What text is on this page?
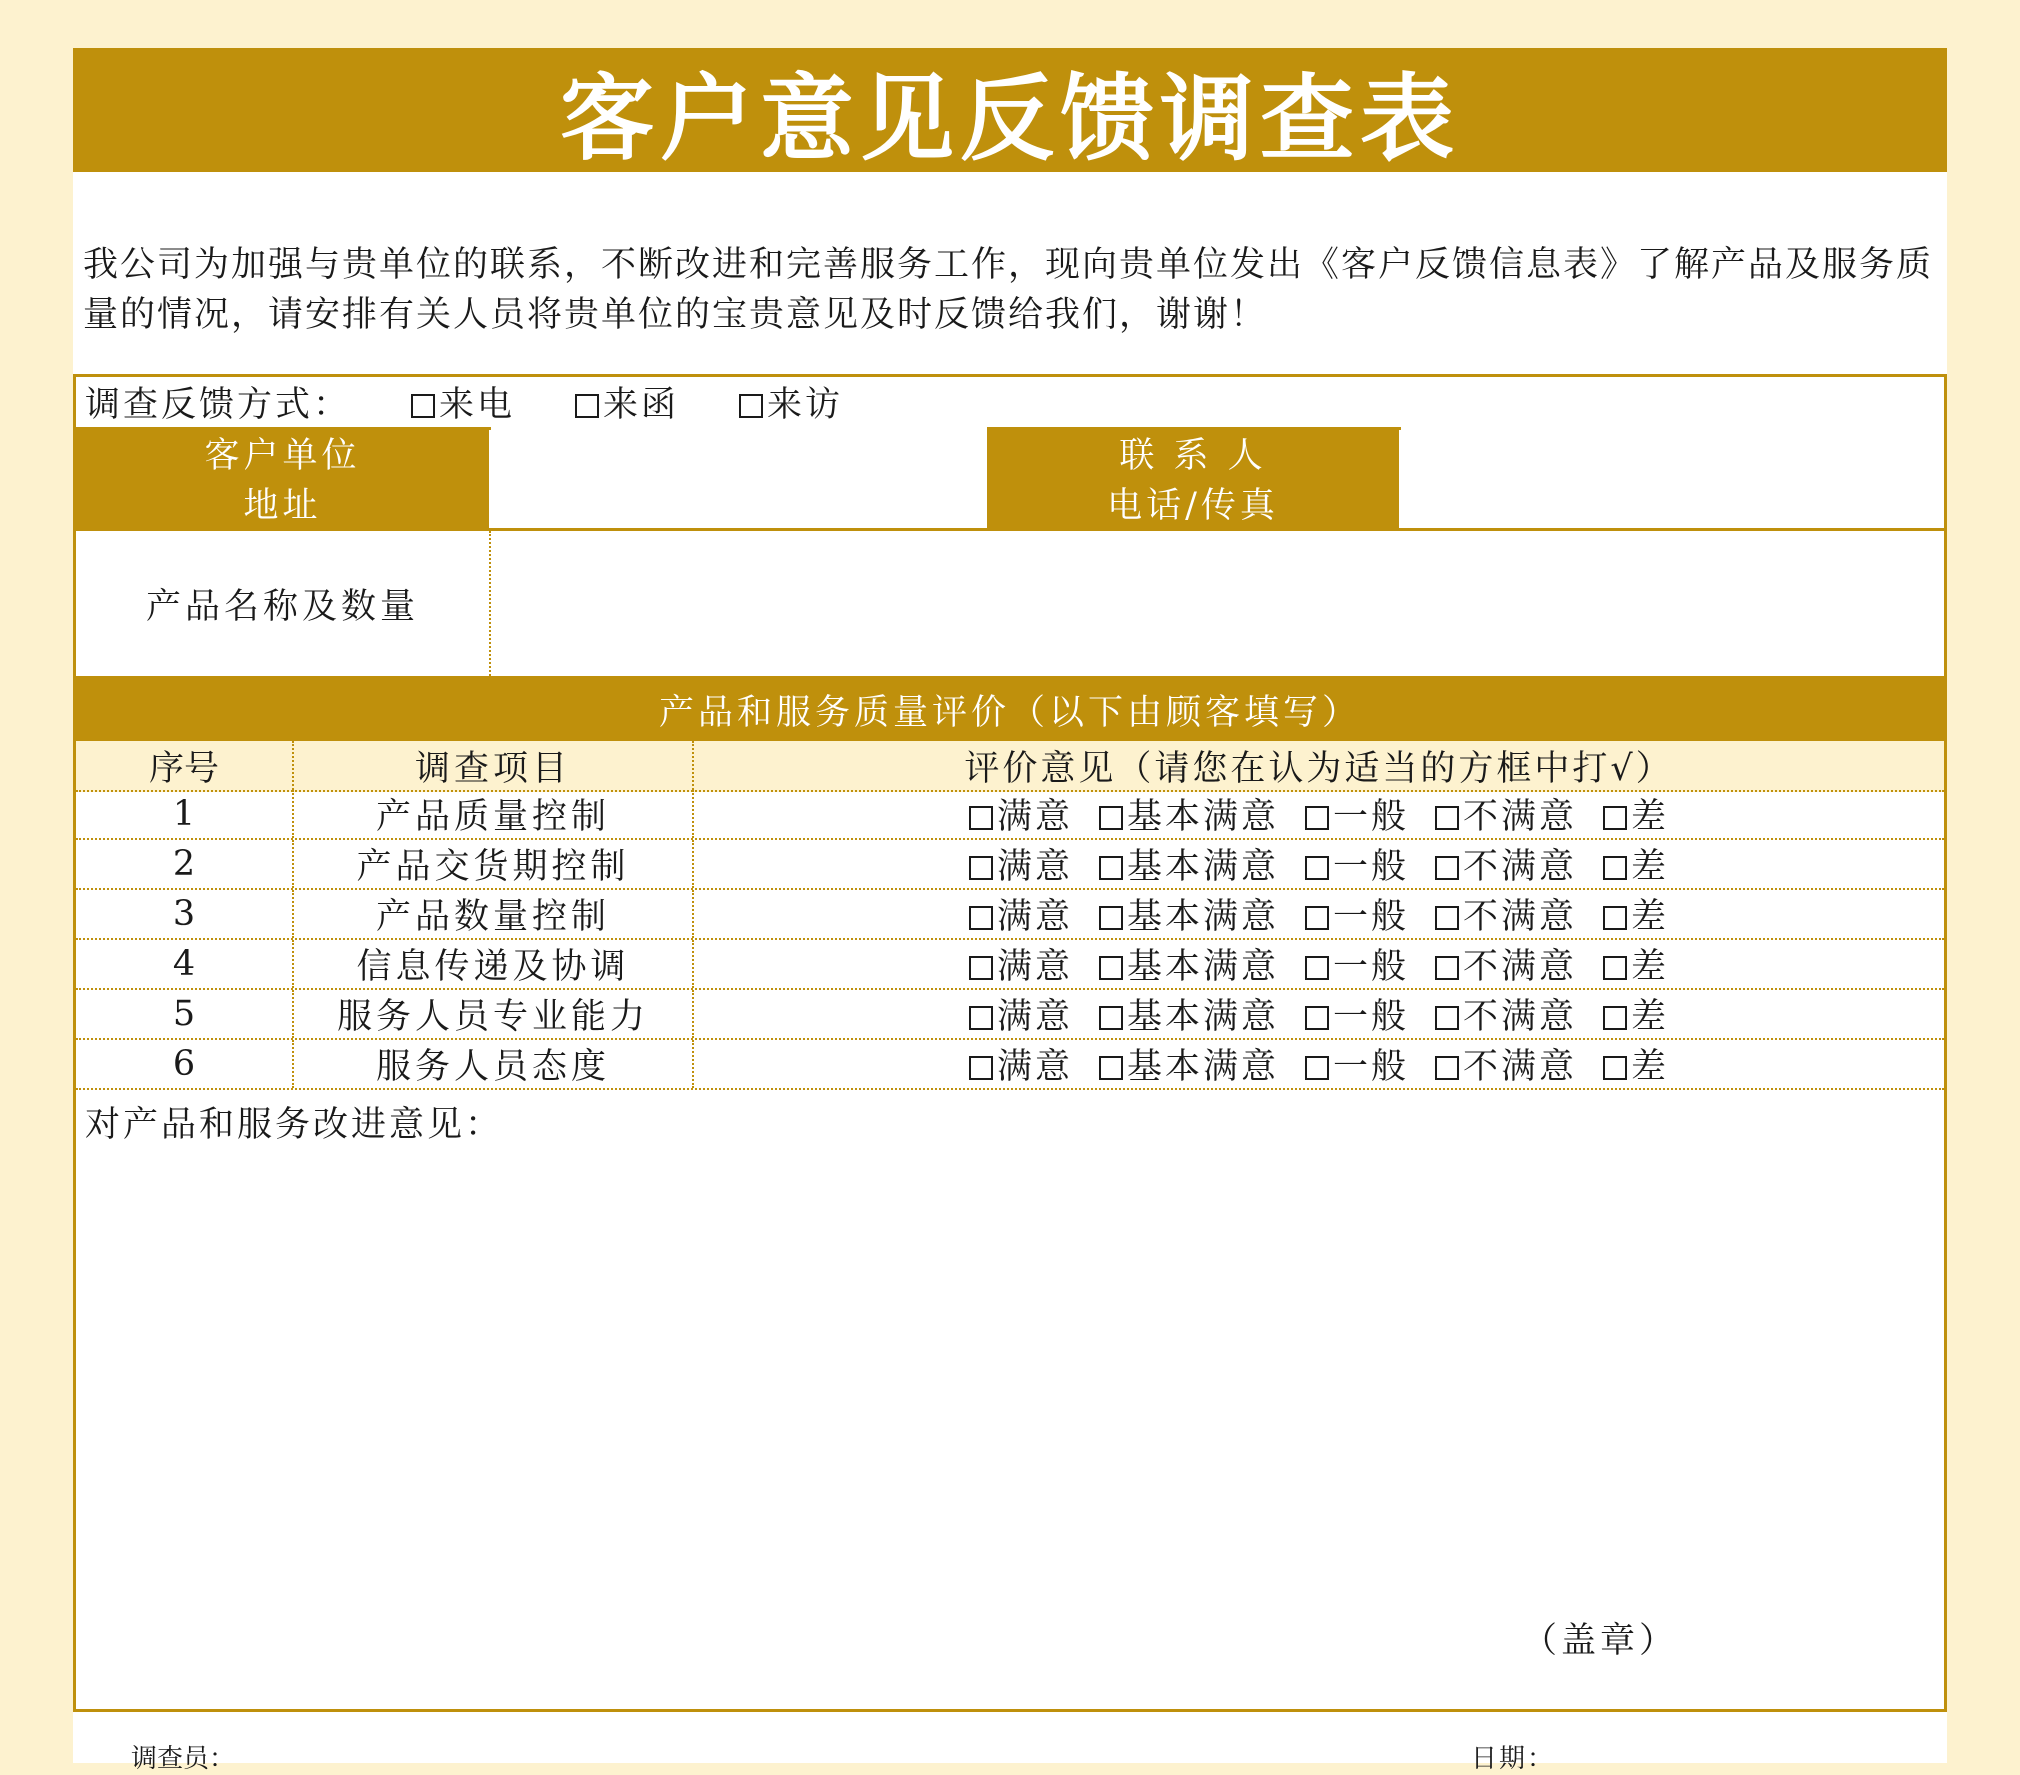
客户意见反馈调查表
我公司为加强与贵单位的联系，不断改进和完善服务工作，现向贵单位发出《客户反馈信息表》了解产品及服务质量的情况，请安排有关人员将贵单位的宝贵意见及时反馈给我们，谢谢！
调查反馈方式：	来电	来函	来访
客户单位	联 系 人
地址	电话/传真
产品名称及数量
产品和服务质量评价（以下由顾客填写）
序号	调查项目	评价意见（请您在认为适当的方框中打√）
1	产品质量控制	满意	基本满意	一般	不满意	差
2	产品交货期控制	满意	基本满意	一般	不满意	差
3	产品数量控制	满意	基本满意	一般	不满意	差
4	信息传递及协调	满意	基本满意	一般	不满意	差
5	服务人员专业能力	满意	基本满意	一般	不满意	差
6	服务人员态度	满意	基本满意	一般	不满意	差
对产品和服务改进意见：
（盖章）
调查员：	日期：
